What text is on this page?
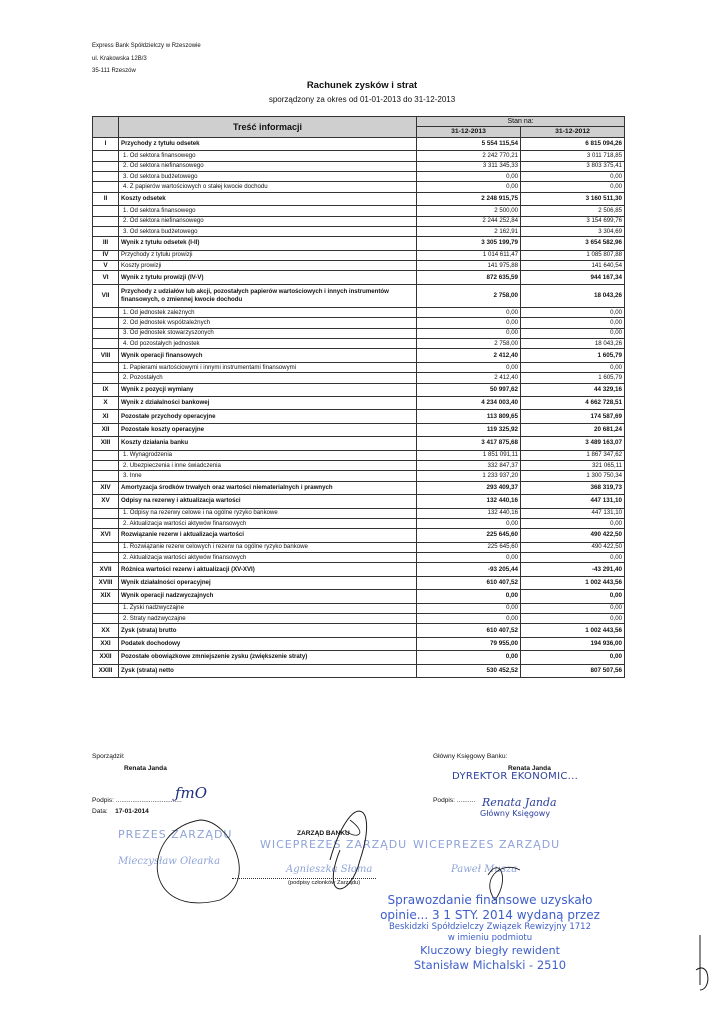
Express Bank Spółdzielczy w Rzeszowie
ul. Krakowska 12B/3
35-111 Rzeszów
Rachunek zysków i strat
sporządzony za okres od 01-01-2013 do 31-12-2013
	Treść informacji	Stan na:	
		31-12-2013	31-12-2012
I	Przychody z tytułu odsetek	5 554 115,54	6 815 094,26
	1. Od sektora finansowego	2 242 770,21	3 011 718,85
	2. Od sektora niefinansowego	3 311 345,33	3 803 375,41
	3. Od sektora budżetowego	0,00	0,00
	4. Z papierów wartościowych o stałej kwocie dochodu	0,00	0,00
II	Koszty odsetek	2 248 915,75	3 160 511,30
	1. Od sektora finansowego	2 500,00	2 506,85
	2. Od sektora niefinansowego	2 244 252,84	3 154 699,76
	3. Od sektora budżetowego	2 162,91	3 304,69
III	Wynik z tytułu odsetek (I-II)	3 305 199,79	3 654 582,96
IV	Przychody z tytułu prowizji	1 014 611,47	1 085 807,88
V	Koszty prowizji	141 975,88	141 640,54
VI	Wynik z tytułu prowizji (IV-V)	872 635,59	944 167,34
VII	Przychody z udziałów lub akcji, pozostałych papierów wartościowych i innych instrumentów finansowych, o zmiennej kwocie dochodu	2 758,00	18 043,26
	1. Od jednostek zależnych	0,00	0,00
	2. Od jednostek współzależnych	0,00	0,00
	3. Od jednostek stowarzyszonych	0,00	0,00
	4. Od pozostałych jednostek	2 758,00	18 043,26
VIII	Wynik operacji finansowych	2 412,40	1 605,79
	1. Papierami wartościowymi i innymi instrumentami finansowymi	0,00	0,00
	2. Pozostałych	2 412,40	1 605,79
IX	Wynik z pozycji wymiany	50 997,62	44 329,16
X	Wynik z działalności bankowej	4 234 003,40	4 662 728,51
XI	Pozostałe przychody operacyjne	113 809,65	174 587,69
XII	Pozostałe koszty operacyjne	119 325,92	20 681,24
XIII	Koszty działania banku	3 417 875,68	3 489 163,07
	1. Wynagrodzenia	1 851 091,11	1 867 347,62
	2. Ubezpieczenia i inne świadczenia	332 847,37	321 065,11
	3. Inne	1 233 937,20	1 300 750,34
XIV	Amortyzacja środków trwałych oraz wartości niematerialnych i prawnych	293 409,37	368 319,73
XV	Odpisy na rezerwy i aktualizacja wartości	132 440,16	447 131,10
	1. Odpisy na rezerwy celowe i na ogólne ryzyko bankowe	132 440,16	447 131,10
	2. Aktualizacja wartości aktywów finansowych	0,00	0,00
XVI	Rozwiązanie rezerw i aktualizacja wartości	225 645,60	490 422,50
	1. Rozwiązanie rezerw celowych i rezerw na ogólne ryzyko bankowe	225 645,60	490 422,50
	2. Aktualizacja wartości aktywów finansowych	0,00	0,00
XVII	Różnica wartości rezerw i aktualizacji (XV-XVI)	-93 205,44	-43 291,40
XVIII	Wynik działalności operacyjnej	610 407,52	1 002 443,56
XIX	Wynik operacji nadzwyczajnych	0,00	0,00
	1. Zyski nadzwyczajne	0,00	0,00
	2. Straty nadzwyczajne	0,00	0,00
XX	Zysk (strata) brutto	610 407,52	1 002 443,56
XXI	Podatek dochodowy	79 955,00	194 936,00
XXII	Pozostałe obowiązkowe zmniejszenie zysku (zwiększenie straty)	0,00	0,00
XXIII	Zysk (strata) netto	530 452,52	807 507,56
Sporządził:
Renata Janda
Podpis: ....................................
Data: 17-01-2014
Główny Księgowy Banku:
Renata Janda
Podpis: ..........
ZARZĄD BANKU
(podpisy członków Zarządu)
DYREKTOR EKONOMIC...
Renata Janda
Główny Księgowy
ƒmO
PREZES ZARZĄDU
Mieczysław Olearka
WICEPREZES ZARZĄDU
Agnieszka Słoma
WICEPREZES ZARZĄDU
Paweł Musza
Sprawozdanie finansowe uzyskało
opinie... 3 1 STY. 2014 wydaną przez
Beskidzki Spółdzielczy Związek Rewizyjny 1712
w imieniu podmiotu
Kluczowy biegły rewident
Stanisław Michalski - 2510
